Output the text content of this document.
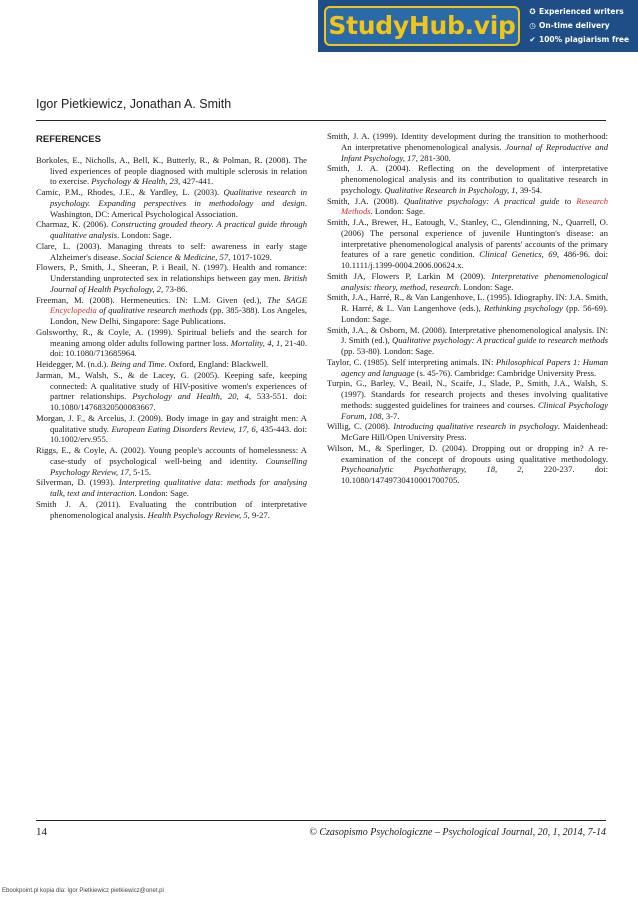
StudyHub.vip	✪ Experienced writers
◷ On-time delivery
✔ 100% plagiarism free
Igor Pietkiewicz, Jonathan A. Smith
REFERENCES

Borkoles, E., Nicholls, A., Bell, K., Butterly, R., & Polman, R. (2008). The lived experiences of people diagnosed with multiple sclerosis in relation to exercise. Psychology & Health, 23, 427-441.

Camic, P.M., Rhodes, J.E., & Yardley, L. (2003). Qualitative research in psychology. Expanding perspectives in methodology and design. Washington, DC: Americal Psychological Association.

Charmaz, K. (2006). Constructing grouded theory. A practical guide through qualitative analysis. London: Sage.

Clare, L. (2003). Managing threats to self: awareness in early stage Alzheimer's disease. Social Science & Medicine, 57, 1017-1029.

Flowers, P., Smith, J., Sheeran, P. i Beail, N. (1997). Health and romance: Understanding unprotected sex in relationships between gay men. British Journal of Health Psychology, 2, 73-86.

Freeman, M. (2008). Hermeneutics. IN: L.M. Given (ed.), The SAGE Encyclopedia of qualitative research methods (pp. 385-388). Los Angeles, London, New Delhi, Singapore: Sage Publications.

Golsworthy, R., & Coyle, A. (1999). Spiritual beliefs and the search for meaning among older adults following partner loss. Mortality, 4, 1, 21-40. doi: 10.1080/713685964.

Heidegger, M. (n.d.). Being and Time. Oxford, England: Blackwell.

Jarman, M., Walsh, S., & de Lacey, G. (2005). Keeping safe, keeping connected: A qualitative study of HIV-positive women's experiences of partner relationships. Psychology and Health, 20, 4, 533-551. doi: 10.1080/14768320500083667.

Morgan, J. F., & Arcelus, J. (2009). Body image in gay and straight men: A qualitative study. European Eating Disorders Review, 17, 6, 435-443. doi: 10.1002/erv.955.

Riggs, E., & Coyle, A. (2002). Young people's accounts of homelessness: A case-study of psychological well-being and identity. Counselling Psychology Review, 17, 5-15.

Silverman, D. (1993). Interpreting qualitative data: methods for analysing talk, text and interaction. London: Sage.

Smith J. A. (2011). Evaluating the contribution of interpretative phenomenological analysis. Health Psychology Review, 5, 9-27.

Smith, J. A. (1999). Identity development during the transition to motherhood: An interpretative phenomenological analysis. Journal of Reproductive and Infant Psychology, 17, 281-300.

Smith, J. A. (2004). Reflecting on the development of interpretative phenomenological analysis and its contribution to qualitative research in psychology. Qualitative Research in Psychology, 1, 39-54.

Smith, J.A. (2008). Qualitative psychology: A practical guide to Research Methods. London: Sage.

Smith, J.A., Brewer, H., Eatough, V., Stanley, C., Glendinning, N., Quarrell, O. (2006) The personal experience of juvenile Huntington's disease: an interpretative phenomenological analysis of parents' accounts of the primary features of a rare genetic condition. Clinical Genetics, 69, 486-96. doi: 10.1111/j.1399-0004.2006.00624.x.

Smith JA, Flowers P, Larkin M (2009). Interpretative phenomenological analysis: theory, method, research. London: Sage.

Smith, J.A., Harré, R., & Van Langenhove, L. (1995). Idiography. IN: J.A. Smith, R. Harré, & L. Van Langenhove (eds.), Rethinking psychology (pp. 56-69). London: Sage.

Smith, J.A., & Osborn, M. (2008). Interpretative phenomenological analysis. IN: J. Smith (ed.), Qualitative psychology: A practical guide to research methods (pp. 53-80). London: Sage.

Taylor, C. (1985). Self interpreting animals. IN: Philosophical Papers 1: Human agency and language (s. 45-76). Cambridge: Cambridge University Press.

Turpin, G., Barley, V., Beail, N., Scaife, J., Slade, P., Smith, J.A., Walsh, S. (1997). Standards for research projects and theses involving qualitative methods: suggested guidelines for trainees and courses. Clinical Psychology Forum, 108, 3-7.

Willig, C. (2008). Introducing qualitative research in psychology. Maidenhead: McGare Hill/Open University Press.

Wilson, M., & Sperlinger, D. (2004). Dropping out or dropping in? A re-examination of the concept of dropouts using qualitative methodology. Psychoanalytic Psychotherapy, 18, 2, 220-237. doi: 10.1080/14749730410001700705.

14	© Czasopismo Psychologiczne – Psychological Journal, 20, 1, 2014, 7-14
Ebookpoint.pl kopia dla: Igor Pietkiewicz pietkiewicz@onet.pl
